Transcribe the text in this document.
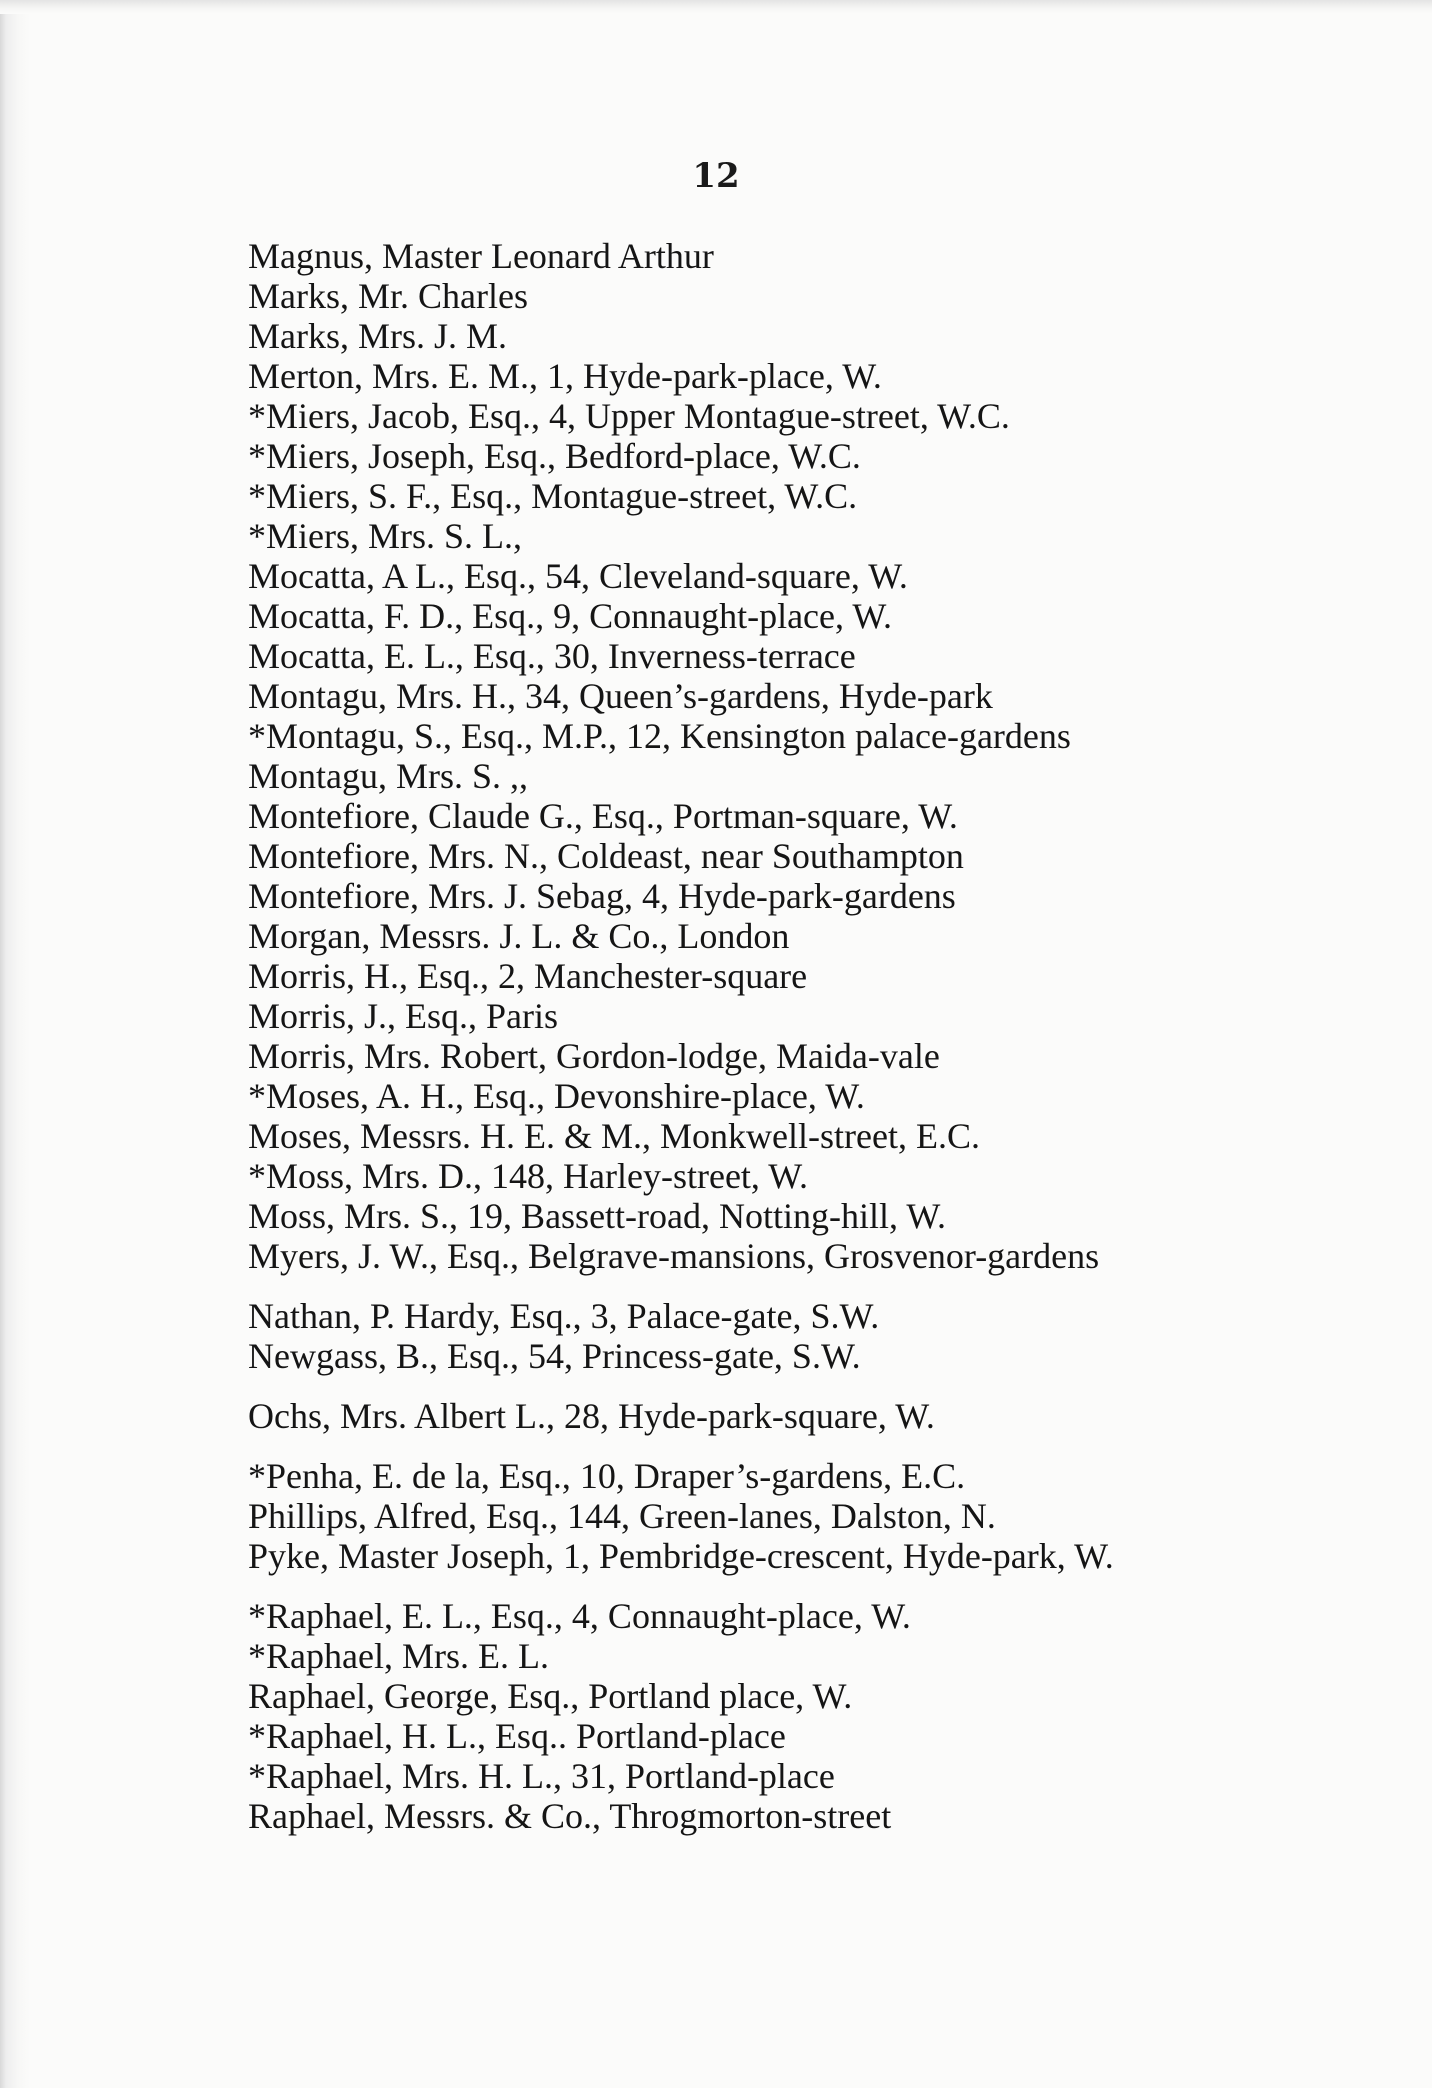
12

Magnus, Master Leonard Arthur

Marks, Mr. Charles

Marks, Mrs. J. M.

Merton, Mrs. E. M., 1, Hyde-park-place, W.

*Miers, Jacob, Esq., 4, Upper Montague-street, W.C.

*Miers, Joseph, Esq., Bedford-place, W.C.

*Miers, S. F., Esq., Montague-street, W.C.

*Miers, Mrs. S. L.,

Mocatta, A L., Esq., 54, Cleveland-square, W.

Mocatta, F. D., Esq., 9, Connaught-place, W.

Mocatta, E. L., Esq., 30, Inverness-terrace

Montagu, Mrs. H., 34, Queen’s-gardens, Hyde-park

*Montagu, S., Esq., M.P., 12, Kensington palace-gardens

Montagu, Mrs. S. ,,

Montefiore, Claude G., Esq., Portman-square, W.

Montefiore, Mrs. N., Coldeast, near Southampton

Montefiore, Mrs. J. Sebag, 4, Hyde-park-gardens

Morgan, Messrs. J. L. & Co., London

Morris, H., Esq., 2, Manchester-square

Morris, J., Esq., Paris

Morris, Mrs. Robert, Gordon-lodge, Maida-vale

*Moses, A. H., Esq., Devonshire-place, W.

Moses, Messrs. H. E. & M., Monkwell-street, E.C.

*Moss, Mrs. D., 148, Harley-street, W.

Moss, Mrs. S., 19, Bassett-road, Notting-hill, W.

Myers, J. W., Esq., Belgrave-mansions, Grosvenor-gardens

Nathan, P. Hardy, Esq., 3, Palace-gate, S.W.

Newgass, B., Esq., 54, Princess-gate, S.W.

Ochs, Mrs. Albert L., 28, Hyde-park-square, W.

*Penha, E. de la, Esq., 10, Draper’s-gardens, E.C.

Phillips, Alfred, Esq., 144, Green-lanes, Dalston, N.

Pyke, Master Joseph, 1, Pembridge-crescent, Hyde-park, W.

*Raphael, E. L., Esq., 4, Connaught-place, W.

*Raphael, Mrs. E. L.

Raphael, George, Esq., Portland place, W.

*Raphael, H. L., Esq.. Portland-place

*Raphael, Mrs. H. L., 31, Portland-place

Raphael, Messrs. & Co., Throgmorton-street
